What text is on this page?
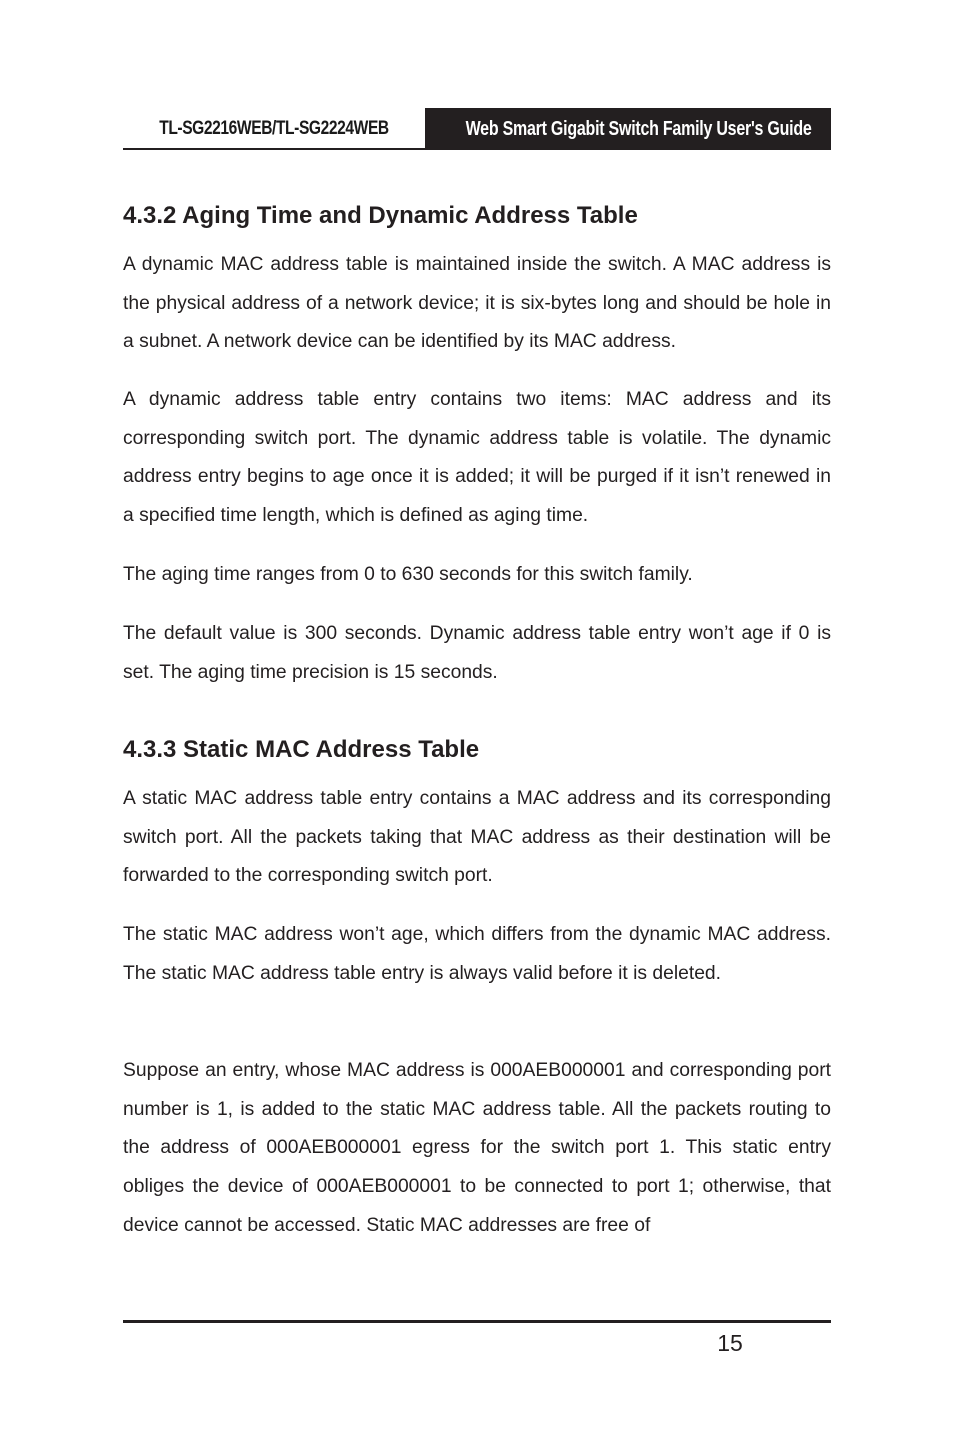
TL-SG2216WEB/TL-SG2224WEB	Web Smart Gigabit Switch Family User's Guide
4.3.2 Aging Time and Dynamic Address Table

A dynamic MAC address table is maintained inside the switch. A MAC address is the physical address of a network device; it is six-bytes long and should be hole in a subnet. A network device can be identified by its MAC address.

A dynamic address table entry contains two items: MAC address and its corresponding switch port. The dynamic address table is volatile. The dynamic address entry begins to age once it is added; it will be purged if it isn’t renewed in a specified time length, which is defined as aging time.

The aging time ranges from 0 to 630 seconds for this switch family.

The default value is 300 seconds. Dynamic address table entry won’t age if 0 is set. The aging time precision is 15 seconds.

4.3.3 Static MAC Address Table

A static MAC address table entry contains a MAC address and its corresponding switch port. All the packets taking that MAC address as their destination will be forwarded to the corresponding switch port.

The static MAC address won’t age, which differs from the dynamic MAC address. The static MAC address table entry is always valid before it is deleted.

Suppose an entry, whose MAC address is 000AEB000001 and corresponding port number is 1, is added to the static MAC address table. All the packets routing to the address of 000AEB000001 egress for the switch port 1. This static entry obliges the device of 000AEB000001 to be connected to port 1; otherwise, that device cannot be accessed. Static MAC addresses are free of

15
